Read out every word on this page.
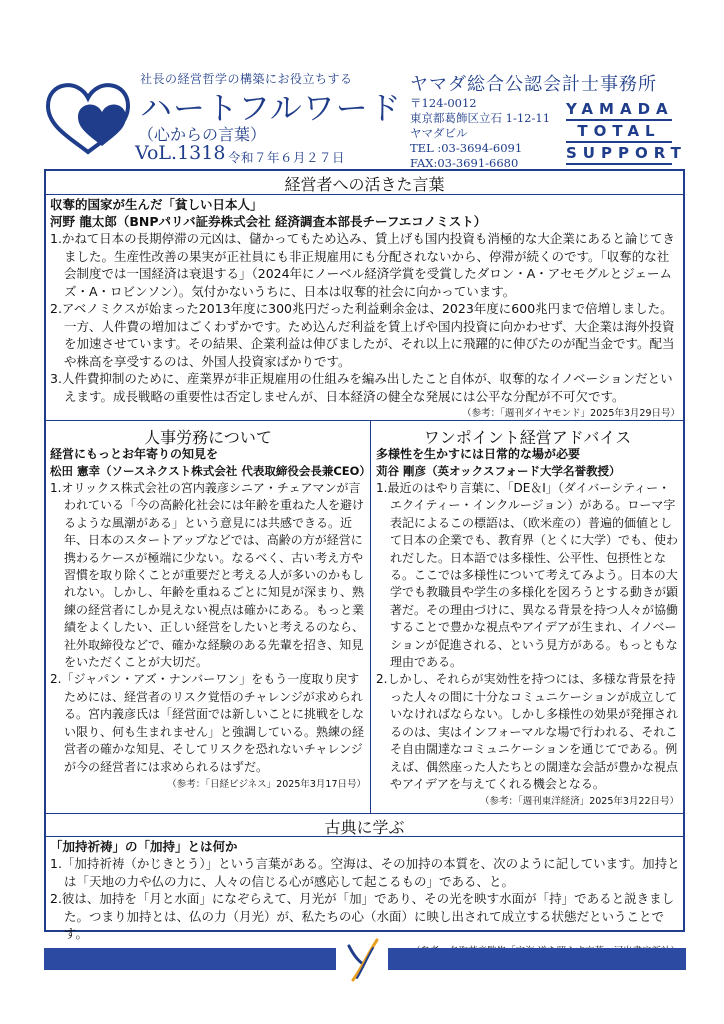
社長の経営哲学の構築にお役立ちする
ハートフルワード
（心からの言葉）
VoL.1318 令和７年６月２７日
ヤマダ総合公認会計士事務所
〒124-0012
東京都葛飾区立石 1-12-11
ヤマダビル
TEL :03-3694-6091
FAX:03-3691-6680
YAMADA
TOTAL
SUPPORT
経営者への活きた言葉
収奪的国家が生んだ「貧しい日本人」
河野 龍太郎（BNPパリバ証券株式会社 経済調査本部長チーフエコノミスト）
1.かねて日本の長期停滞の元凶は、儲かってもため込み、賃上げも国内投資も消極的な大企業にあると論じてきました。生産性改善の果実が正社員にも非正規雇用にも分配されないから、停滞が続くのです。「収奪的な社会制度では一国経済は衰退する」（2024年にノーベル経済学賞を受賞したダロン・A・アセモグルとジェームズ・A・ロビンソン）。気付かないうちに、日本は収奪的社会に向かっています。
2.アベノミクスが始まった2013年度に300兆円だった利益剰余金は、2023年度に600兆円まで倍増しました。一方、人件費の増加はごくわずかです。ため込んだ利益を賃上げや国内投資に向かわせず、大企業は海外投資を加速させています。その結果、企業利益は伸びましたが、それ以上に飛躍的に伸びたのが配当金です。配当や株高を享受するのは、外国人投資家ばかりです。
3.人件費抑制のために、産業界が非正規雇用の仕組みを編み出したこと自体が、収奪的なイノベーションだといえます。成長戦略の重要性は否定しませんが、日本経済の健全な発展には公平な分配が不可欠です。
（参考：「週刊ダイヤモンド」2025年3月29日号）
人事労務について
経営にもっとお年寄りの知見を
松田 憲幸（ソースネクスト株式会社 代表取締役会長兼CEO）
1.オリックス株式会社の宮内義彦シニア・チェアマンが言われている「今の高齢化社会には年齢を重ねた人を避けるような風潮がある」という意見には共感できる。近年、日本のスタートアップなどでは、高齢の方が経営に携わるケースが極端に少ない。なるべく、古い考え方や習慣を取り除くことが重要だと考える人が多いのかもしれない。しかし、年齢を重ねるごとに知見が深まり、熟練の経営者にしか見えない視点は確かにある。もっと業績をよくしたい、正しい経営をしたいと考えるのなら、社外取締役などで、確かな経験のある先輩を招き、知見をいただくことが大切だ。
2.「ジャパン・アズ・ナンバーワン」をもう一度取り戻すためには、経営者のリスク覚悟のチャレンジが求められる。宮内義彦氏は「経営面では新しいことに挑戦をしない限り、何も生まれません」と強調している。熟練の経営者の確かな知見、そしてリスクを恐れないチャレンジが今の経営者には求められるはずだ。
（参考：「日経ビジネス」2025年3月17日号）
ワンポイント経営アドバイス
多様性を生かすには日常的な場が必要
苅谷 剛彦（英オックスフォード大学名誉教授）
1.最近のはやり言葉に、「DE＆I」（ダイバーシティー・エクイティー・インクルージョン）がある。ローマ字表記によるこの標語は、（欧米産の）普遍的価値として日本の企業でも、教育界（とくに大学）でも、使われだした。日本語では多様性、公平性、包摂性となる。ここでは多様性について考えてみよう。日本の大学でも教職員や学生の多様化を図ろうとする動きが顕著だ。その理由づけに、異なる背景を持つ人々が協働することで豊かな視点やアイデアが生まれ、イノベーションが促進される、という見方がある。もっともな理由である。
2.しかし、それらが実効性を持つには、多様な背景を持った人々の間に十分なコミュニケーションが成立していなければならない。しかし多様性の効果が発揮されるのは、実はインフォーマルな場で行われる、それこそ自由闊達なコミュニケーションを通じてである。例えば、偶然座った人たちとの闊達な会話が豊かな視点やアイデアを与えてくれる機会となる。
（参考：「週刊東洋経済」2025年3月22日号）
古典に学ぶ
「加持祈祷」の「加持」とは何か
1.「加持祈祷（かじきとう）」という言葉がある。空海は、その加持の本質を、次のように記しています。加持とは「天地の力や仏の力に、人々の信じる心が感応して起こるもの」である、と。
2.彼は、加持を「月と水面」になぞらえて、月光が「加」であり、その光を映す水面が「持」であると説きました。つまり加持とは、仏の力（月光）が、私たちの心（水面）に映し出されて成立する状態だということです。
